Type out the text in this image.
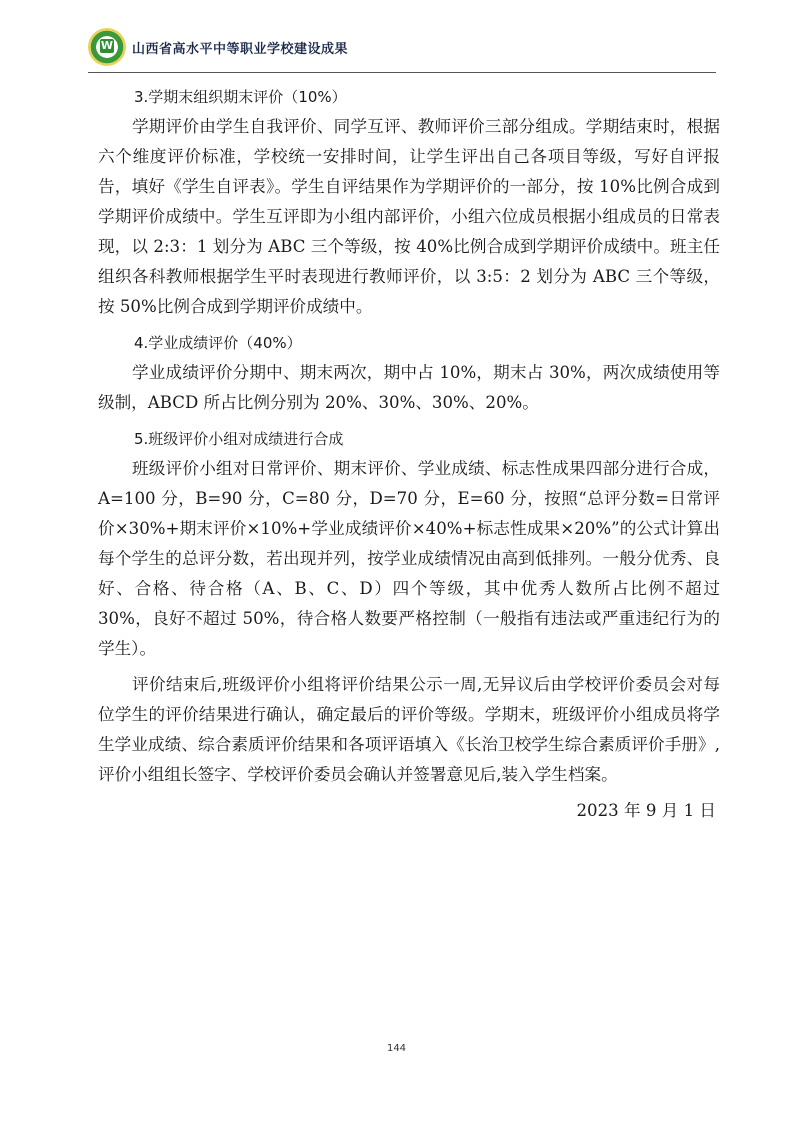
W 山西省高水平中等职业学校建设成果
3.学期末组织期末评价（10%）

学期评价由学生自我评价、同学互评、教师评价三部分组成。学期结束时，根据六个维度评价标准，学校统一安排时间，让学生评出自己各项目等级，写好自评报告，填好《学生自评表》。学生自评结果作为学期评价的一部分，按 10%比例合成到学期评价成绩中。学生互评即为小组内部评价，小组六位成员根据小组成员的日常表现，以 2:3：1 划分为 ABC 三个等级，按 40%比例合成到学期评价成绩中。班主任组织各科教师根据学生平时表现进行教师评价，以 3:5：2 划分为 ABC 三个等级，按 50%比例合成到学期评价成绩中。

4.学业成绩评价（40%）

学业成绩评价分期中、期末两次，期中占 10%，期末占 30%，两次成绩使用等级制，ABCD 所占比例分别为 20%、30%、30%、20%。

5.班级评价小组对成绩进行合成

班级评价小组对日常评价、期末评价、学业成绩、标志性成果四部分进行合成，A=100 分，B=90 分，C=80 分，D=70 分，E=60 分，按照“总评分数=日常评价×30%+期末评价×10%+学业成绩评价×40%+标志性成果×20%”的公式计算出每个学生的总评分数，若出现并列，按学业成绩情况由高到低排列。一般分优秀、良好、合格、待合格（A、B、C、D）四个等级，其中优秀人数所占比例不超过 30%，良好不超过 50%，待合格人数要严格控制（一般指有违法或严重违纪行为的学生）。

评价结束后,班级评价小组将评价结果公示一周,无异议后由学校评价委员会对每位学生的评价结果进行确认，确定最后的评价等级。学期末，班级评价小组成员将学生学业成绩、综合素质评价结果和各项评语填入《长治卫校学生综合素质评价手册》,评价小组组长签字、学校评价委员会确认并签署意见后,装入学生档案。

2023 年 9 月 1 日
144
